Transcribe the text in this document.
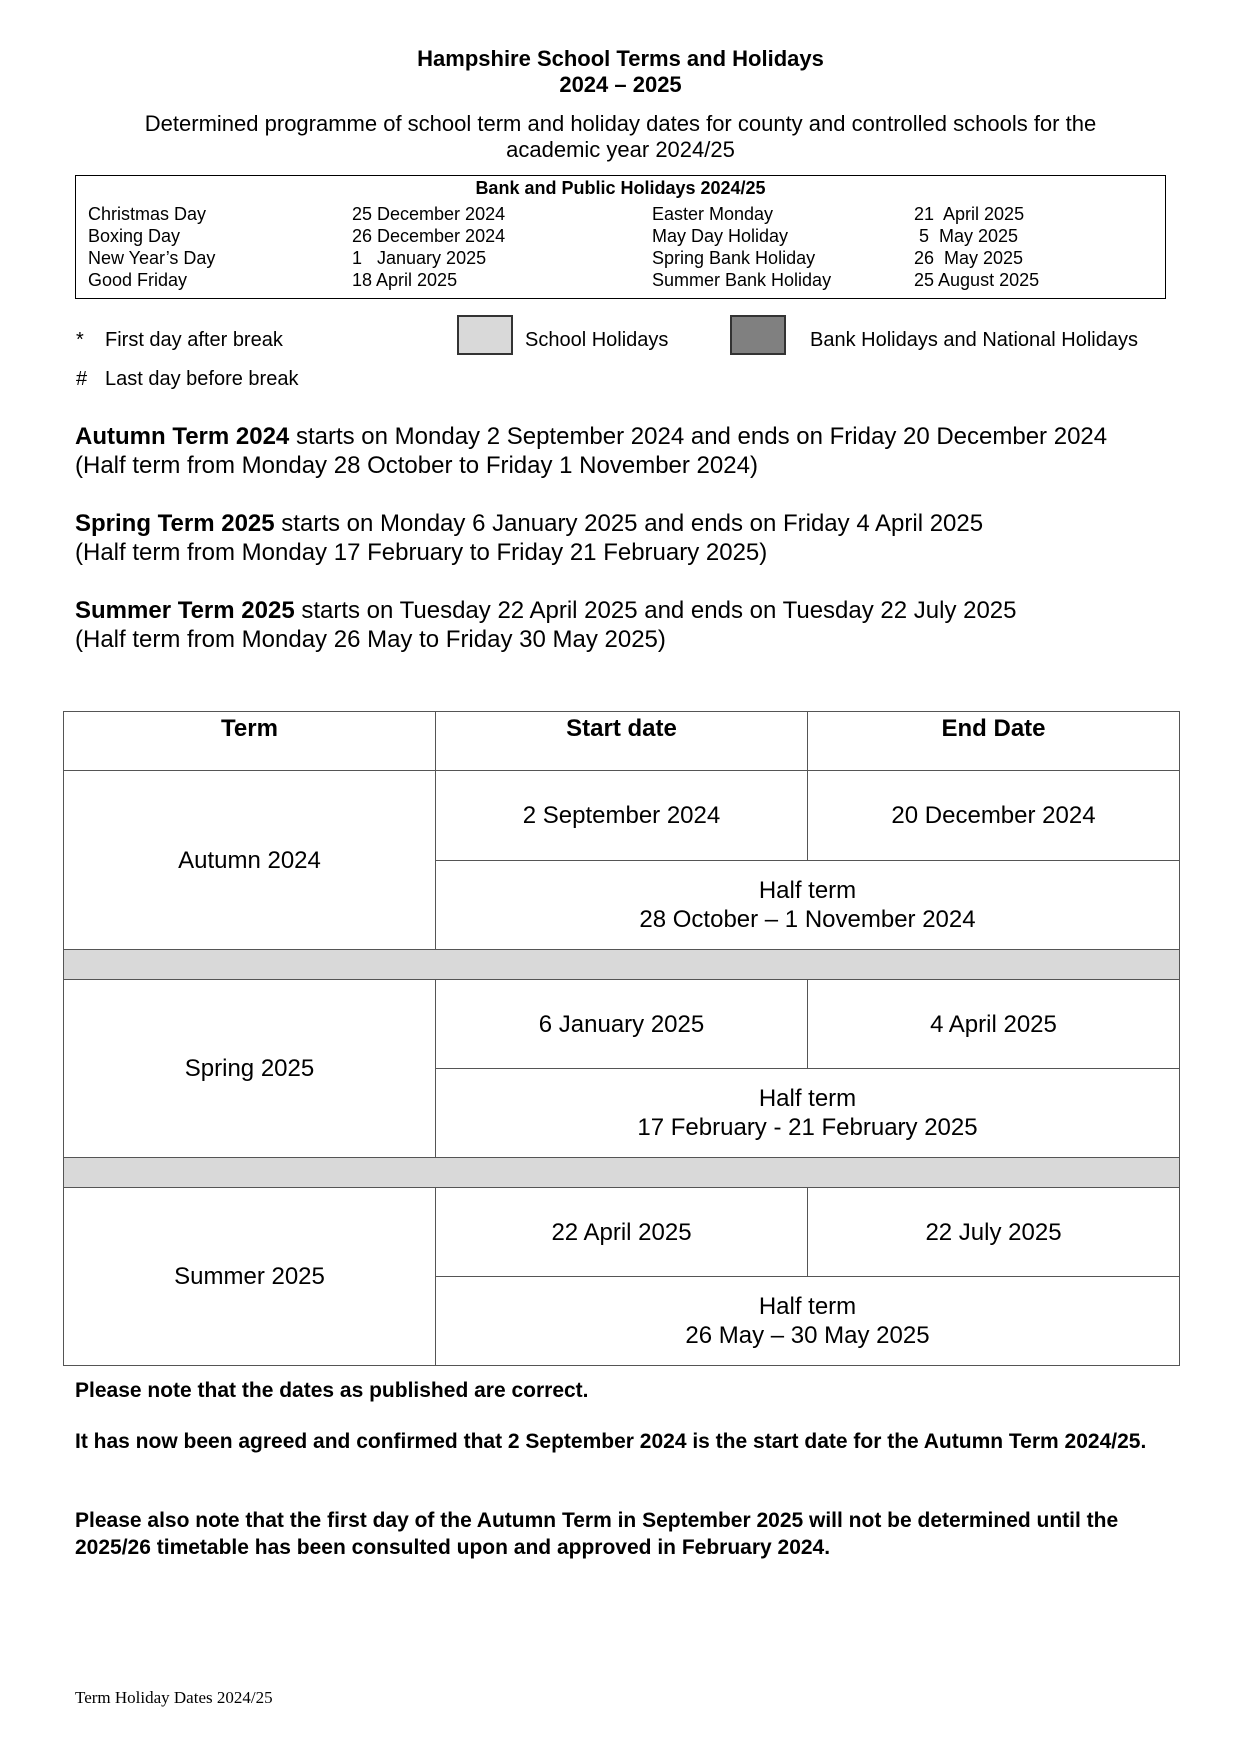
Hampshire School Terms and Holidays
2024 – 2025
Determined programme of school term and holiday dates for county and controlled schools for the
academic year 2024/25
Bank and Public Holidays 2024/25
Christmas Day	25 December 2024	Easter Monday	21  April 2025
Boxing Day	26 December 2024	May Day Holiday	5  May 2025
New Year’s Day	1   January 2025	Spring Bank Holiday	26  May 2025
Good Friday	18 April 2025	Summer Bank Holiday	25 August 2025
* First day after break
# Last day before break
School Holidays	Bank Holidays and National Holidays
Autumn Term 2024 starts on Monday 2 September 2024 and ends on Friday 20 December 2024
(Half term from Monday 28 October to Friday 1 November 2024)
Spring Term 2025 starts on Monday 6 January 2025 and ends on Friday 4 April 2025
(Half term from Monday 17 February to Friday 21 February 2025)
Summer Term 2025 starts on Tuesday 22 April 2025 and ends on Tuesday 22 July 2025
(Half term from Monday 26 May to Friday 30 May 2025)
Term	Start date	End Date
Autumn 2024	2 September 2024	20 December 2024

	Half term
28 October – 1 November 2024	

Spring 2025	6 January 2025	4 April 2025

	Half term
17 February - 21 February 2025	

Summer 2025	22 April 2025	22 July 2025

	Half term
26 May – 30 May 2025	
Please note that the dates as published are correct.
It has now been agreed and confirmed that 2 September 2024 is the start date for the Autumn Term 2024/25.
Please also note that the first day of the Autumn Term in September 2025 will not be determined until the 2025/26 timetable has been consulted upon and approved in February 2024.
Term Holiday Dates 2024/25
